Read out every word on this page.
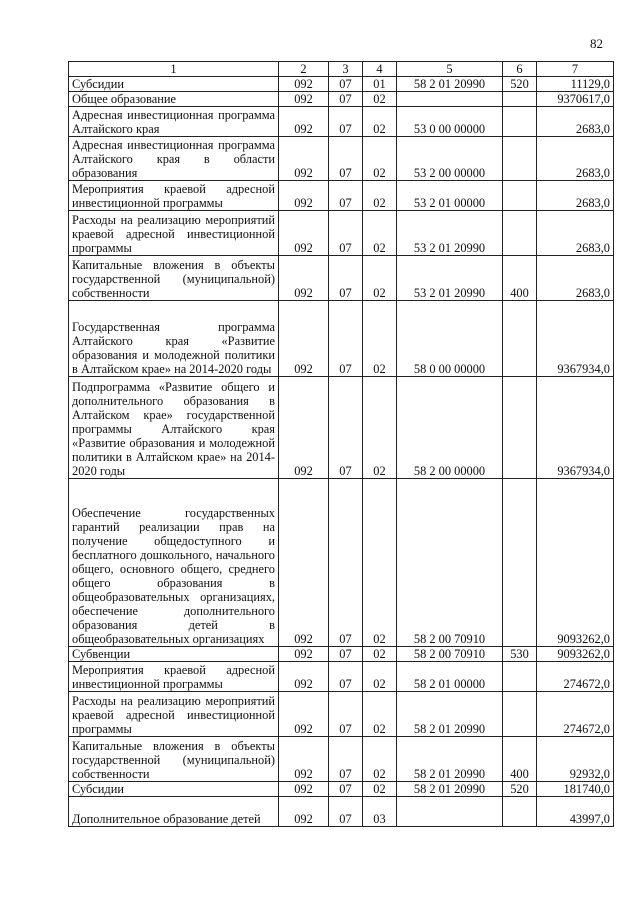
82
1	2	3	4	5	6	7
Субсидии	092	07	01	58 2 01 20990	520	11129,0
Общее образование	092	07	02			9370617,0
Адресная инвестиционная программа Алтайского края	092	07	02	53 0 00 00000		2683,0
Адресная инвестиционная программа Алтайского края в области образования	092	07	02	53 2 00 00000		2683,0
Мероприятия краевой адресной инвестиционной программы	092	07	02	53 2 01 00000		2683,0
Расходы на реализацию мероприятий краевой адресной инвестиционной программы	092	07	02	53 2 01 20990		2683,0
Капитальные вложения в объекты государственной (муниципальной) собственности	092	07	02	53 2 01 20990	400	2683,0
Государственная программа Алтайского края «Развитие образования и молодежной политики в Алтайском крае» на 2014-2020 годы	092	07	02	58 0 00 00000		9367934,0
Подпрограмма «Развитие общего и дополнительного образования в Алтайском крае» государственной программы Алтайского края «Развитие образования и молодежной политики в Алтайском крае» на 2014-2020 годы	092	07	02	58 2 00 00000		9367934,0
Обеспечение государственных гарантий реализации прав на получение общедоступного и бесплатного дошкольного, начального общего, основного общего, среднего общего образования в общеобразовательных организациях, обеспечение дополнительного образования детей в общеобразовательных организациях	092	07	02	58 2 00 70910		9093262,0
Субвенции	092	07	02	58 2 00 70910	530	9093262,0
Мероприятия краевой адресной инвестиционной программы	092	07	02	58 2 01 00000		274672,0
Расходы на реализацию мероприятий краевой адресной инвестиционной программы	092	07	02	58 2 01 20990		274672,0
Капитальные вложения в объекты государственной (муниципальной) собственности	092	07	02	58 2 01 20990	400	92932,0
Субсидии	092	07	02	58 2 01 20990	520	181740,0
Дополнительное образование детей	092	07	03			43997,0
